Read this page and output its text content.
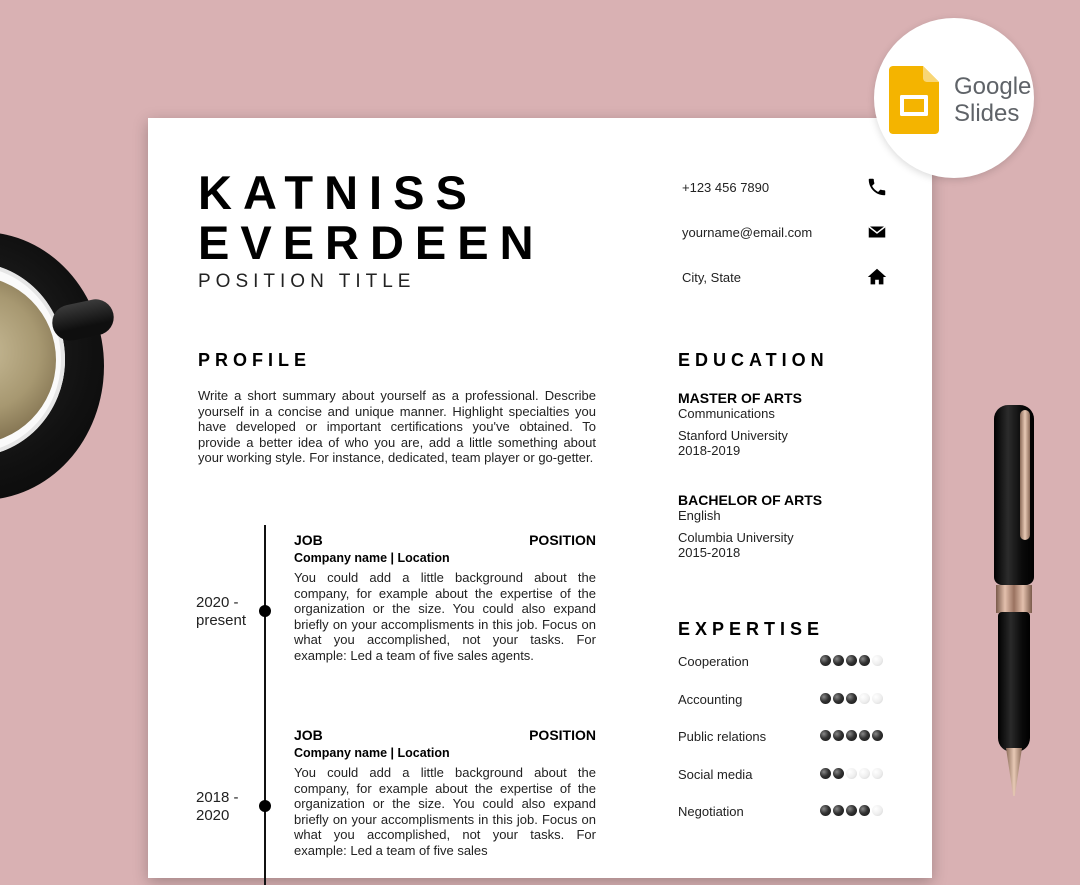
KATNISS
EVERDEEN
POSITION TITLE
+123 456 7890
yourname@email.com
City, State
PROFILE
Write a short summary about yourself as a professional. Describe yourself in a concise and unique manner. Highlight specialties you have developed or important certifications you've obtained. To provide a better idea of who you are, add a little something about your working style. For instance, dedicated, team player or go-getter.
2020 -
present
JOB	POSITION
Company name | Location
You could add a little background about the company, for example about the expertise of the organization or the size. You could also expand briefly on your accomplisments in this job. Focus on what you accomplished, not your tasks. For example: Led a team of five sales agents.
2018 -
2020
JOB	POSITION
Company name | Location
You could add a little background about the company, for example about the expertise of the organization or the size. You could also expand briefly on your accomplisments in this job. Focus on what you accomplished, not your tasks. For example: Led a team of five sales
EDUCATION
MASTER OF ARTS
Communications
Stanford University
2018-2019
BACHELOR OF ARTS
English
Columbia University
2015-2018
EXPERTISE
Cooperation
Accounting
Public relations
Social media
Negotiation
Google
Slides
